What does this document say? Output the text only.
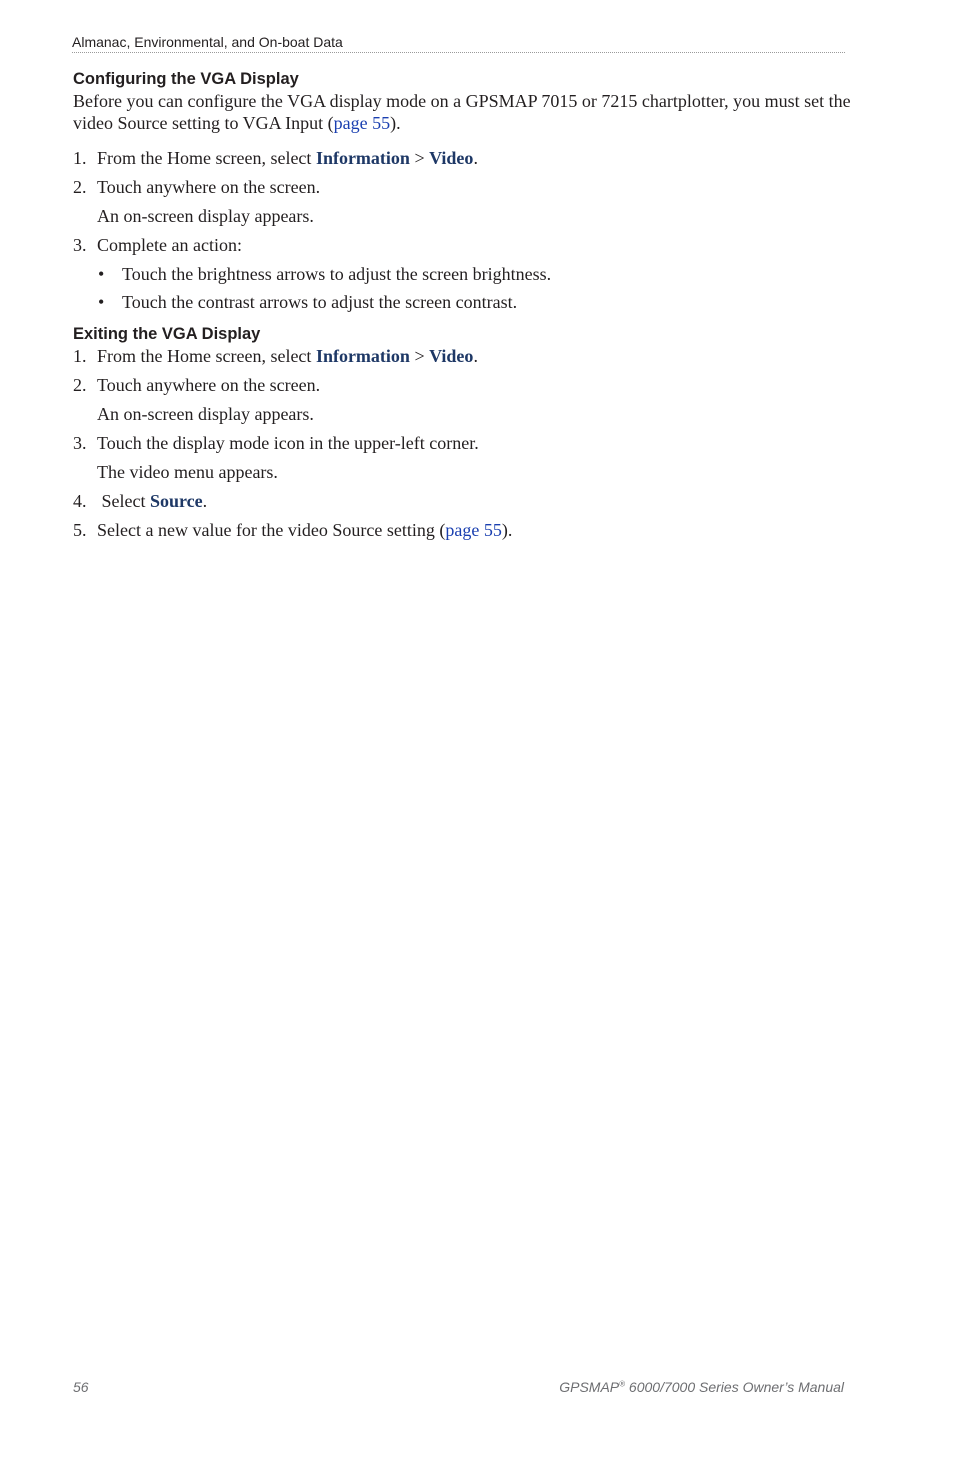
Almanac, Environmental, and On-boat Data
Configuring the VGA Display

Before you can configure the VGA display mode on a GPSMAP 7015 or 7215 chartplotter, you must set the video Source setting to VGA Input (page 55).

1. From the Home screen, select Information > Video.
2. Touch anywhere on the screen.
An on-screen display appears.
3. Complete an action:
• Touch the brightness arrows to adjust the screen brightness.
• Touch the contrast arrows to adjust the screen contrast.
Exiting the VGA Display
1. From the Home screen, select Information > Video.
2. Touch anywhere on the screen.
An on-screen display appears.
3. Touch the display mode icon in the upper-left corner.
The video menu appears.
4. Select Source.
5. Select a new value for the video Source setting (page 55).
56	GPSMAP® 6000/7000 Series Owner’s Manual
